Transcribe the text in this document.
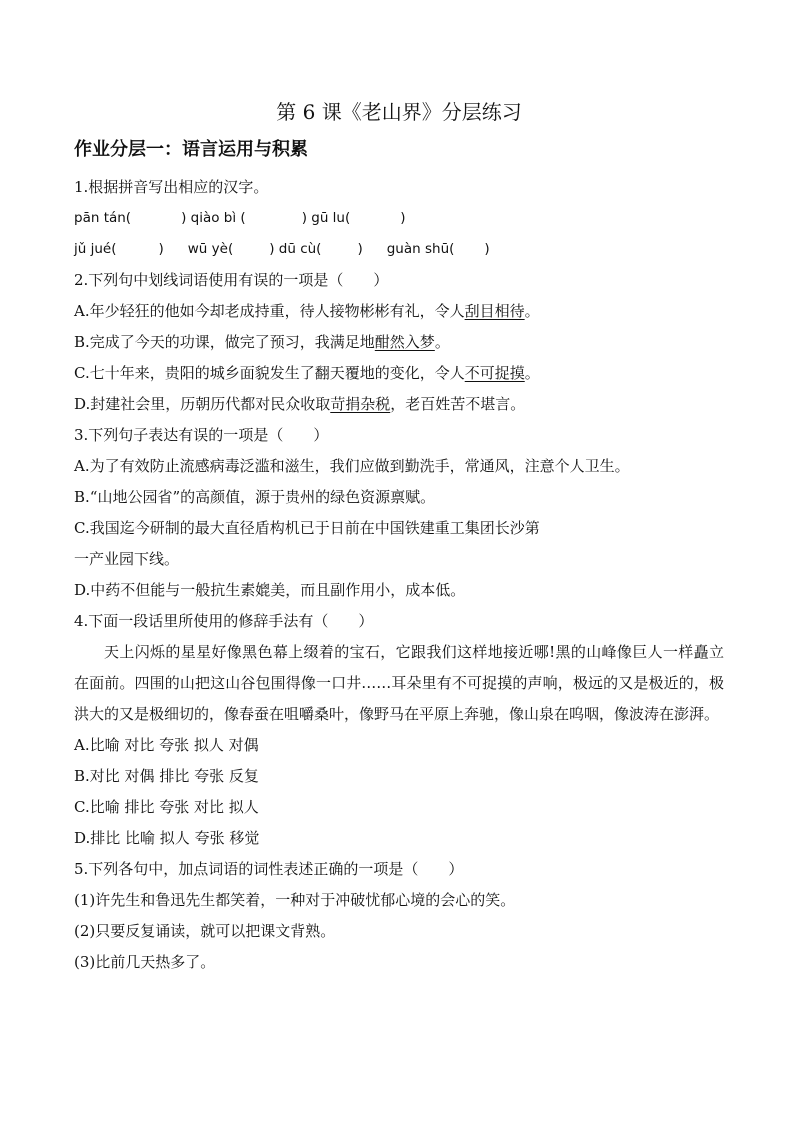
第 6 课《老山界》分层练习
作业分层一：语言运用与积累
1.根据拼音写出相应的汉字。
pān tán(	) qiào bì (	) gū lu(	)
jǔ jué(	) wū yè(	) dū cù(	) guàn shū( )
2.下列句中划线词语使用有误的一项是（　　）
A.年少轻狂的他如今却老成持重，待人接物彬彬有礼，令人刮目相待。
B.完成了今天的功课，做完了预习，我满足地酣然入梦。
C.七十年来，贵阳的城乡面貌发生了翻天覆地的变化，令人不可捉摸。
D.封建社会里，历朝历代都对民众收取苛捐杂税，老百姓苦不堪言。
3.下列句子表达有误的一项是（　　）
A.为了有效防止流感病毒泛滥和滋生，我们应做到勤洗手，常通风，注意个人卫生。
B.“山地公园省”的高颜值，源于贵州的绿色资源禀赋。
C.我国迄今研制的最大直径盾构机已于日前在中国铁建重工集团长沙第
一产业园下线。
D.中药不但能与一般抗生素媲美，而且副作用小，成本低。
4.下面一段话里所使用的修辞手法有（　　）
天上闪烁的星星好像黑色幕上缀着的宝石，它跟我们这样地接近哪!黑的山峰像巨人一样矗立在面前。四围的山把这山谷包围得像一口井……耳朵里有不可捉摸的声响，极远的又是极近的，极洪大的又是极细切的，像春蚕在咀嚼桑叶，像野马在平原上奔驰，像山泉在呜咽，像波涛在澎湃。
A.比喻 对比 夸张 拟人 对偶
B.对比 对偶 排比 夸张 反复
C.比喻 排比 夸张 对比 拟人
D.排比 比喻 拟人 夸张 移觉
5.下列各句中，加点词语的词性表述正确的一项是（　　）
(1)许先生和鲁迅先生都笑着，一种对于冲破忧郁心境的会心的笑。
(2)只要反复诵读，就可以把课文背熟。
(3)比前几天热多了。
